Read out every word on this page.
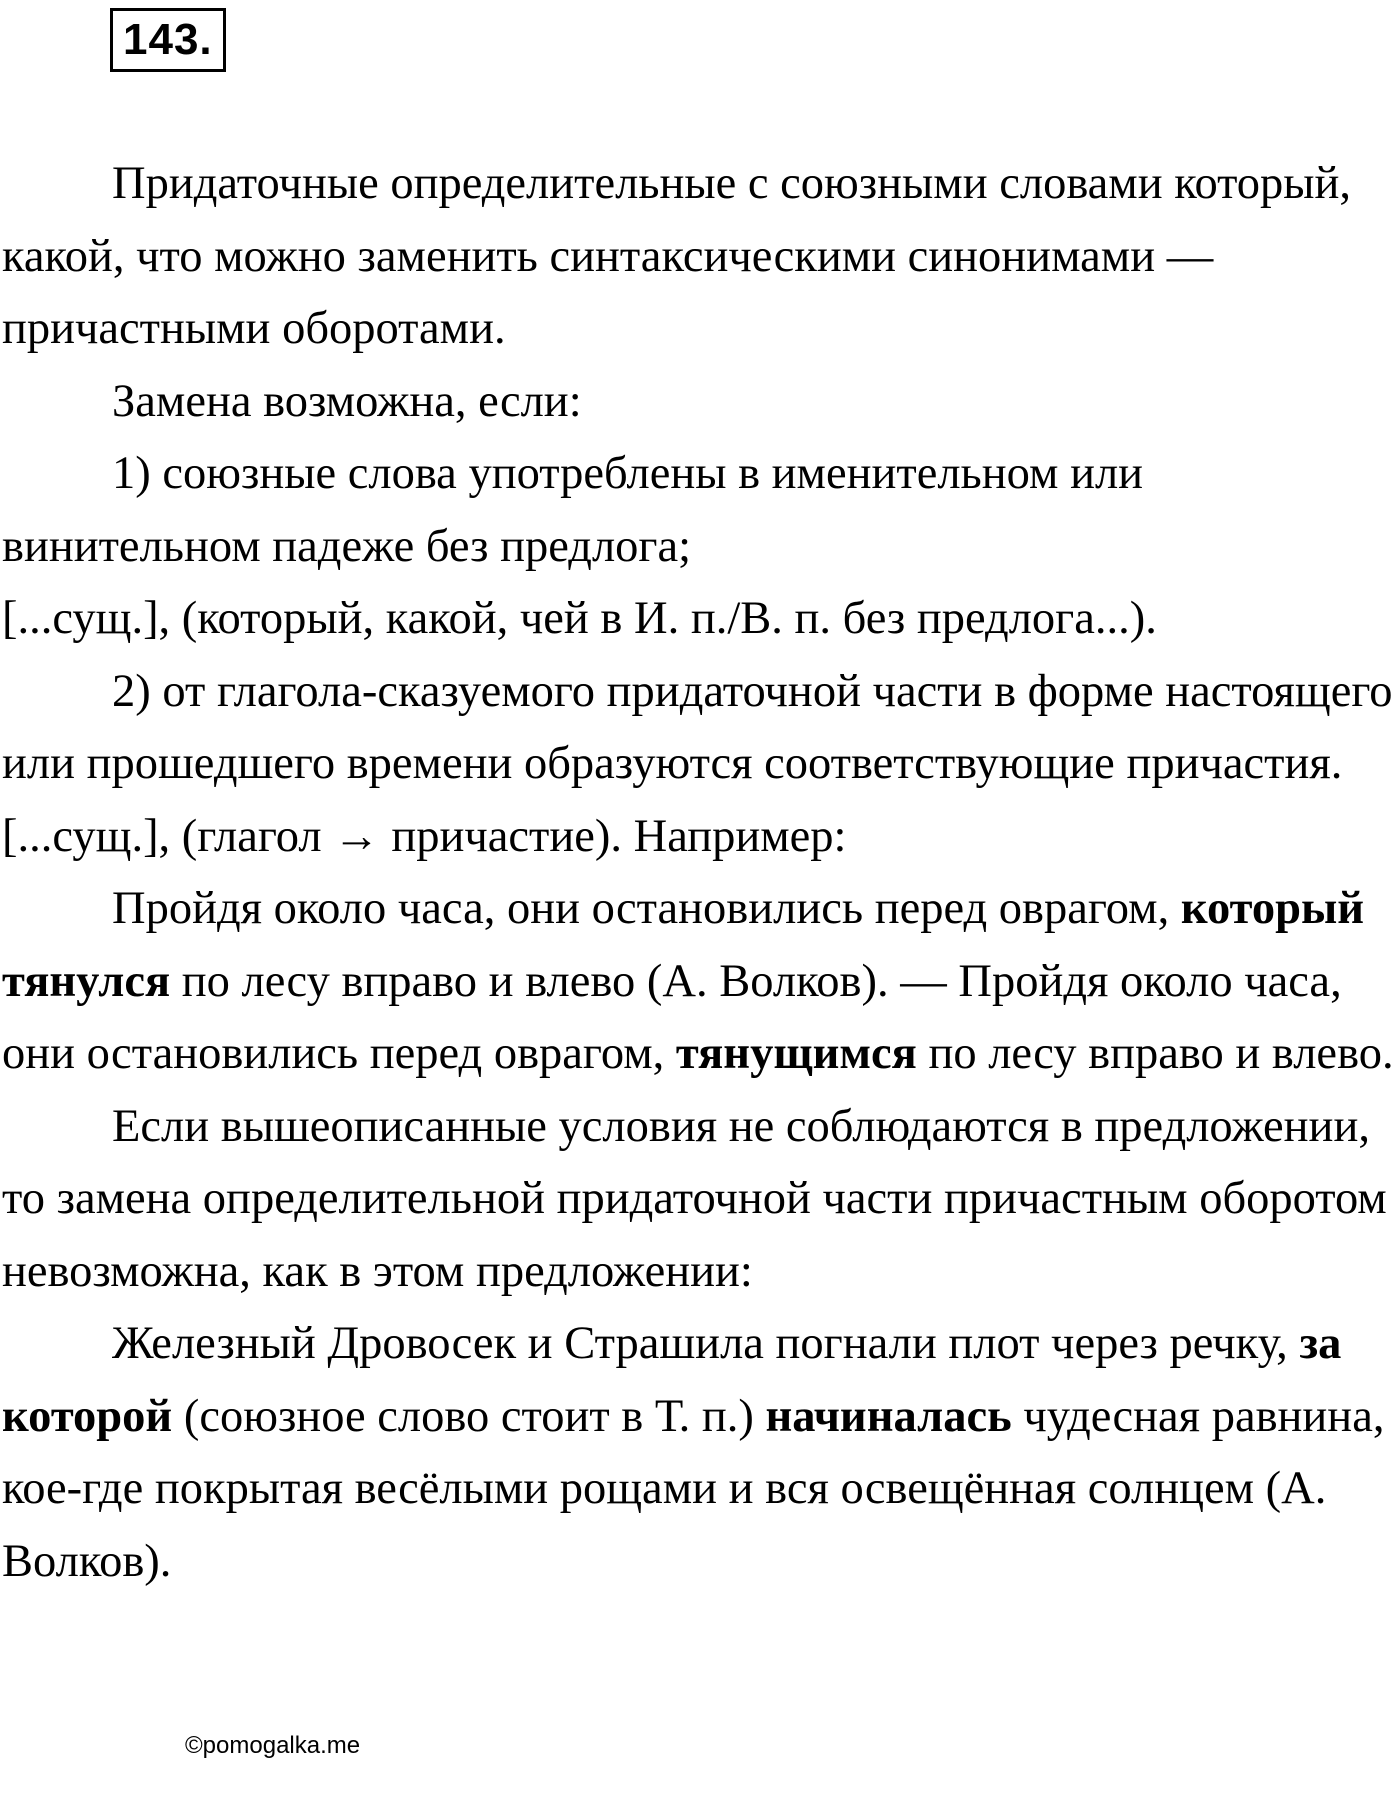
143.

Придаточные определительные с союзными словами который, какой, что можно заменить синтаксическими синонимами — причастными оборотами.

Замена возможна, если:

1) союзные слова употреблены в именительном или винительном падеже без предлога;

[...сущ.], (который, какой, чей в И. п./В. п. без предлога...).

2) от глагола-сказуемого придаточной части в форме настоящего или прошедшего времени образуются соответствующие причастия.

[...сущ.], (глагол → причастие). Например:

Пройдя около часа, они остановились перед оврагом, который тянулся по лесу вправо и влево (А. Волков). — Пройдя около часа, они остановились перед оврагом, тянущимся по лесу вправо и влево.

Если вышеописанные условия не соблюдаются в предложении, то замена определительной придаточной части причастным оборотом невозможна, как в этом предложении:

Железный Дровосек и Страшила погнали плот через речку, за которой (союзное слово стоит в Т. п.) начиналась чудесная равнина, кое-где покрытая весёлыми рощами и вся освещённая солнцем (А. Волков).

©pomogalka.me
